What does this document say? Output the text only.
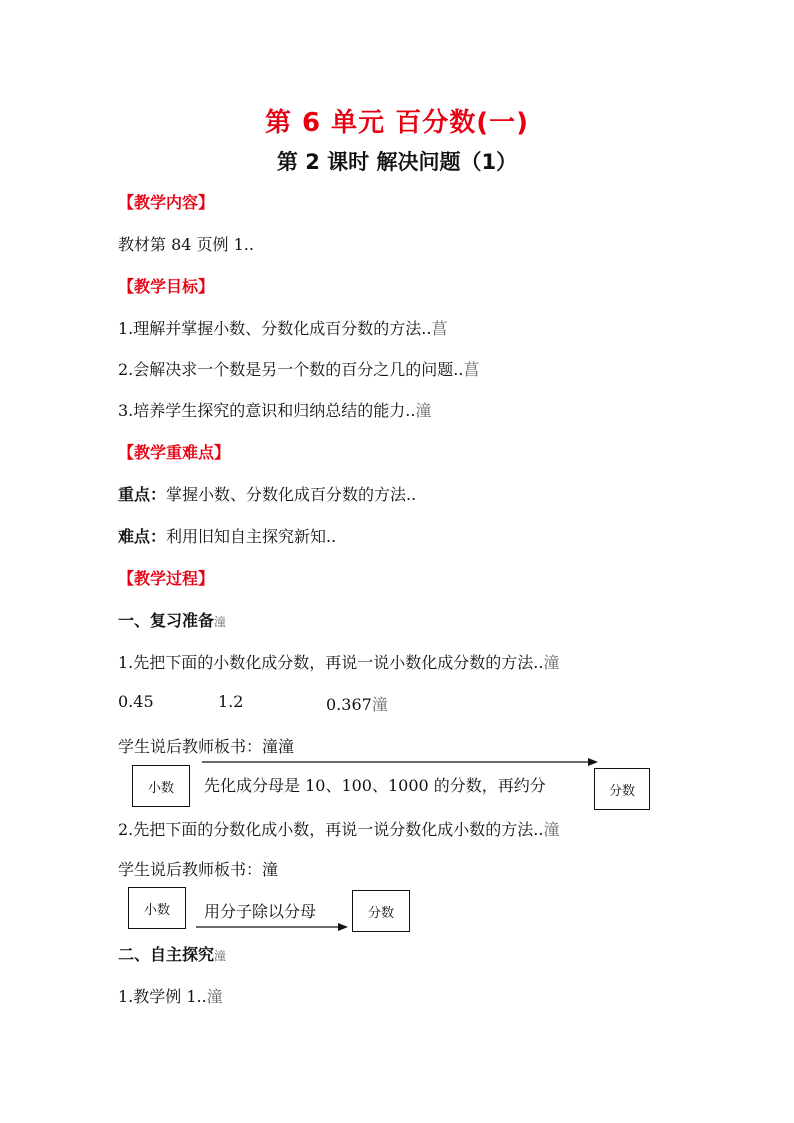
第 6 单元 百分数(一)
第 2 课时 解决问题（1）
【教学内容】
教材第 84 页例 1..
【教学目标】
1.理解并掌握小数、分数化成百分数的方法..菖
2.会解决求一个数是另一个数的百分之几的问题..菖
3.培养学生探究的意识和归纳总结的能力..潼
【教学重难点】
重点：掌握小数、分数化成百分数的方法..
难点：利用旧知自主探究新知..
【教学过程】
一、复习准备潼
1.先把下面的小数化成分数，再说一说小数化成分数的方法..潼
0.45	1.2	0.367潼
学生说后教师板书：潼潼
小数	先化成分母是 10、100、1000 的分数，再约分	分数
2.先把下面的分数化成小数，再说一说分数化成小数的方法..潼
学生说后教师板书：潼
小数	用分子除以分母	分数
二、自主探究潼
1.教学例 1..潼
